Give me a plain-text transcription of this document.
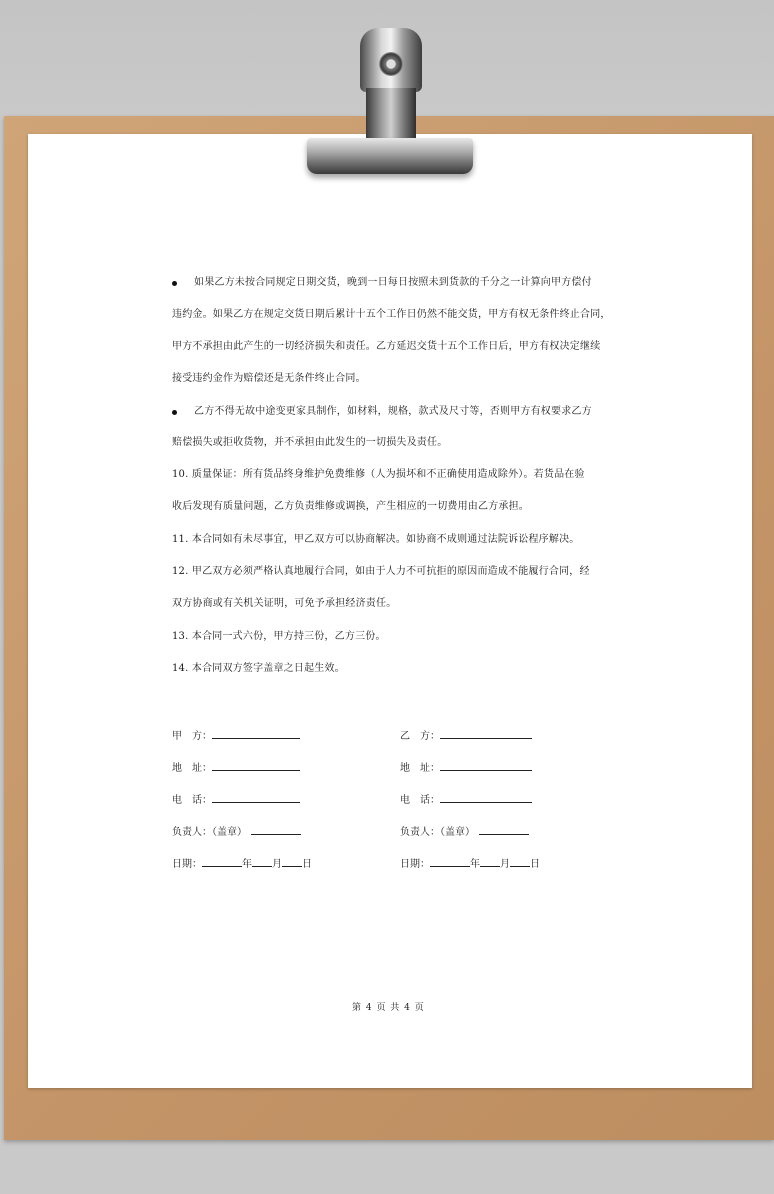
如果乙方未按合同规定日期交货，晚到一日每日按照未到货款的千分之一计算向甲方偿付
违约金。如果乙方在规定交货日期后累计十五个工作日仍然不能交货，甲方有权无条件终止合同，
甲方不承担由此产生的一切经济损失和责任。乙方延迟交货十五个工作日后，甲方有权决定继续
接受违约金作为赔偿还是无条件终止合同。
乙方不得无故中途变更家具制作，如材料，规格，款式及尺寸等，否则甲方有权要求乙方
赔偿损失或拒收货物，并不承担由此发生的一切损失及责任。
10. 质量保证：所有货品终身维护免费维修（人为损坏和不正确使用造成除外）。若货品在验
收后发现有质量问题，乙方负责维修或调换，产生相应的一切费用由乙方承担。
11. 本合同如有未尽事宜，甲乙双方可以协商解决。如协商不成则通过法院诉讼程序解决。
12. 甲乙双方必须严格认真地履行合同，如由于人力不可抗拒的原因而造成不能履行合同，经
双方协商或有关机关证明，可免予承担经济责任。
13. 本合同一式六份，甲方持三份，乙方三份。
14. 本合同双方签字盖章之日起生效。
甲　方：
地　址：
电　话：
负责人：（盖章）
日期：	年 月 日
乙　方：
地　址：
电　话：
负责人：（盖章）
日期：	年 月 日
第 4 页 共 4 页
